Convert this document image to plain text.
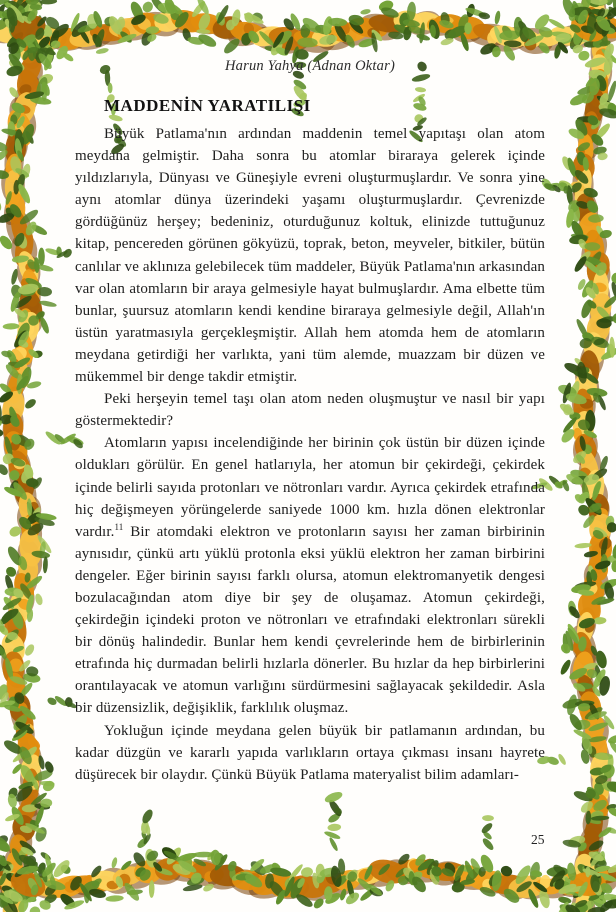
Harun Yahya (Adnan Oktar)
MADDENİN YARATILIŞI

Büyük Patlama'nın ardından maddenin temel yapıtaşı olan atom meydana gelmiştir. Daha sonra bu atomlar biraraya gelerek içinde yıldızlarıyla, Dünyası ve Güneşiyle evreni oluşturmuşlardır. Ve sonra yine aynı atomlar dünya üzerindeki yaşamı oluşturmuşlardır. Çevrenizde gördüğünüz herşey; bedeniniz, oturduğunuz koltuk, elinizde tuttuğunuz kitap, pencereden görünen gökyüzü, toprak, beton, meyveler, bitkiler, bütün canlılar ve aklınıza gelebilecek tüm maddeler, Büyük Patlama'nın arkasından var olan atomların bir araya gelmesiyle hayat bulmuşlardır. Ama elbette tüm bunlar, şuursuz atomların kendi kendine biraraya gelmesiyle değil, Allah'ın üstün yaratmasıyla gerçekleşmiştir. Allah hem atomda hem de atomların meydana getirdiği her varlıkta, yani tüm alemde, muazzam bir düzen ve mükemmel bir denge takdir etmiştir.

Peki herşeyin temel taşı olan atom neden oluşmuştur ve nasıl bir yapı göstermektedir?

Atomların yapısı incelendiğinde her birinin çok üstün bir düzen içinde oldukları görülür. En genel hatlarıyla, her atomun bir çekirdeği, çekirdek içinde belirli sayıda protonları ve nötronları vardır. Ayrıca çekirdek etrafında hiç değişmeyen yörüngelerde saniyede 1000 km. hızla dönen elektronlar vardır.$^{11}$ Bir atomdaki elektron ve protonların sayısı her zaman birbirinin aynısıdır, çünkü artı yüklü protonla eksi yüklü elektron her zaman birbirini dengeler. Eğer birinin sayısı farklı olursa, atomun elektromanyetik dengesi bozulacağından atom diye bir şey de oluşamaz. Atomun çekirdeği, çekirdeğin içindeki proton ve nötronları ve etrafındaki elektronları sürekli bir dönüş halindedir. Bunlar hem kendi çevrelerinde hem de birbirlerinin etrafında hiç durmadan belirli hızlarla dönerler. Bu hızlar da hep birbirlerini orantılayacak ve atomun varlığını sürdürmesini sağlayacak şekildedir. Asla bir düzensizlik, değişiklik, farklılık oluşmaz.

Yokluğun içinde meydana gelen büyük bir patlamanın ardından, bu kadar düzgün ve kararlı yapıda varlıkların ortaya çıkması insanı hayrete düşürecek bir olaydır. Çünkü Büyük Patlama materyalist bilim adamları-

25
